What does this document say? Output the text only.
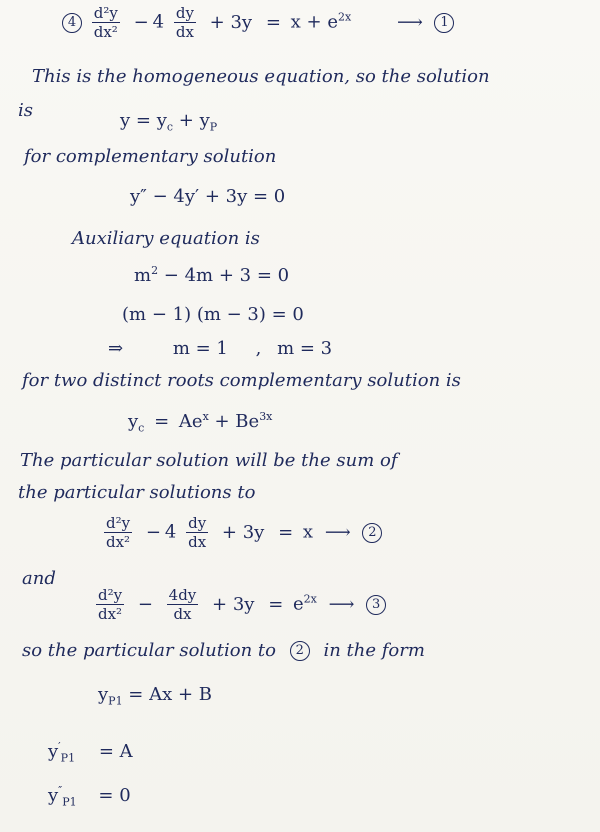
$4 \frac{\text{d²y}}{\text{dx²}} - 4 \frac{dy}{dx} + 3y = x + e^{2x}$	⟶ 1
This is the homogeneous equation, so the solution
is	$y = y_c + y_P$
for complementary solution
y″ − 4y′ + 3y = 0
Auxiliary equation is
$m^2 - 4m + 3 = 0$
(m − 1) (m − 3) = 0
⇒	m = 1 , m = 3
for two distinct roots complementary solution is
$y_c = Ae^x + Be^{3x}$
The particular solution will be the sum of
the particular solutions to
$\frac{\text{d²y}}{\text{dx²}} - 4 \frac{dy}{dx} + 3y = x$ ⟶ 2
and
$\frac{\text{d²y}}{\text{dx²}} - \frac{4dy}{dx} + 3y = e^{2x}$ ⟶ 3
so the particular solution to 2 in the form
$y_{P1} = Ax + B$
$y'_{P1} = A$
$y''_{P1} = 0$
